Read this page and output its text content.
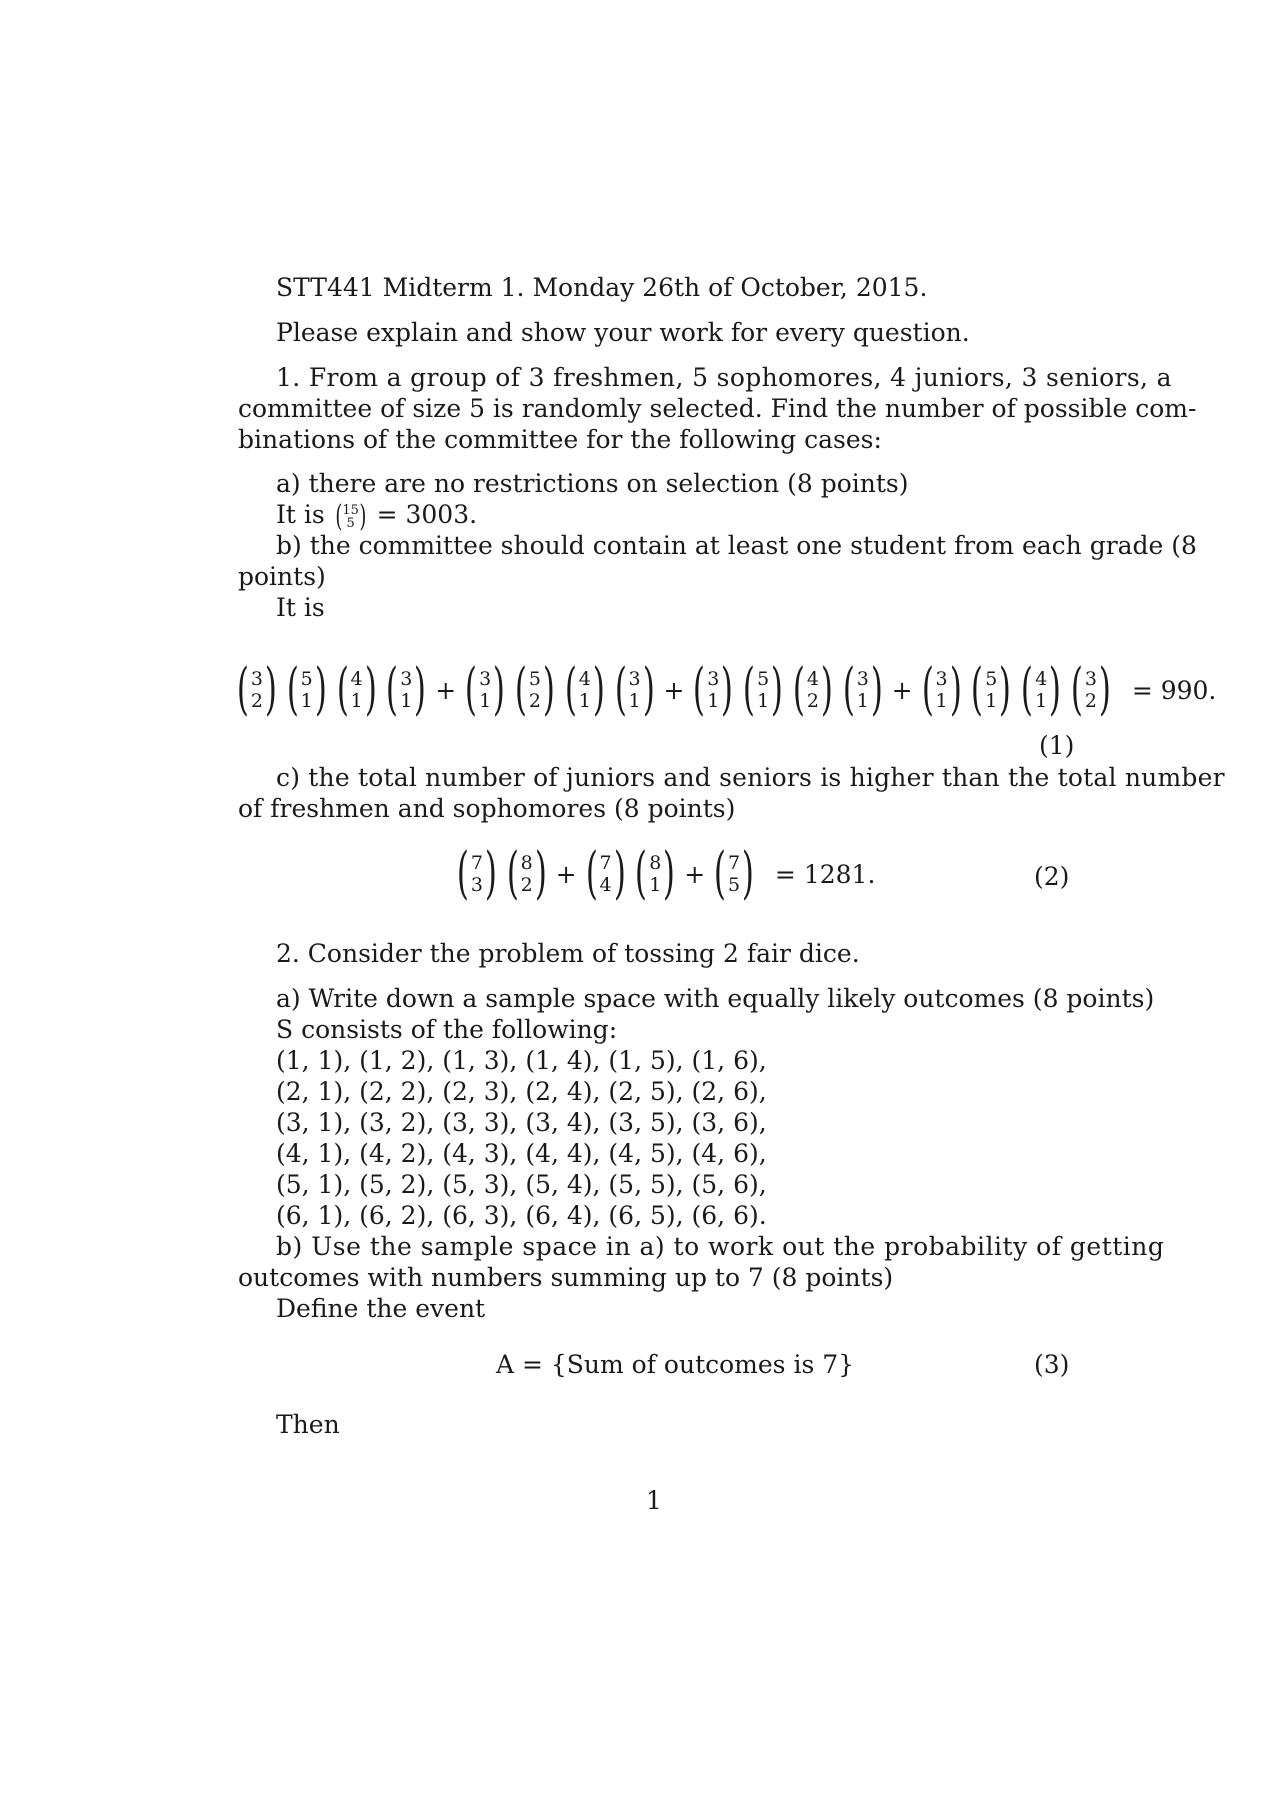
STT441 Midterm 1. Monday 26th of October, 2015.
Please explain and show your work for every question.
1. From a group of 3 freshmen, 5 sophomores, 4 juniors, 3 seniors, a
committee of size 5 is randomly selected. Find the number of possible com-
binations of the committee for the following cases:
a) there are no restrictions on selection (8 points)
It is ( 15
5 ) = 3003.
b) the committee should contain at least one student from each grade (8
points)
It is
( 3
2 ) ( 5
1 ) ( 4
1 ) ( 3
1 ) + ( 3
1 ) ( 5
2 ) ( 4
1 ) ( 3
1 ) + ( 3
1 ) ( 5
1 ) ( 4
2 ) ( 3
1 ) + ( 3
1 ) ( 5
1 ) ( 4
1 ) ( 3
2 ) = 990.
(1)
c) the total number of juniors and seniors is higher than the total number
of freshmen and sophomores (8 points)
( 7
3 ) ( 8
2 ) + ( 7
4 ) ( 8
1 ) + ( 7
5 ) = 1281.	(2)
2. Consider the problem of tossing 2 fair dice.
a) Write down a sample space with equally likely outcomes (8 points)
S consists of the following:
(1, 1), (1, 2), (1, 3), (1, 4), (1, 5), (1, 6),
(2, 1), (2, 2), (2, 3), (2, 4), (2, 5), (2, 6),
(3, 1), (3, 2), (3, 3), (3, 4), (3, 5), (3, 6),
(4, 1), (4, 2), (4, 3), (4, 4), (4, 5), (4, 6),
(5, 1), (5, 2), (5, 3), (5, 4), (5, 5), (5, 6),
(6, 1), (6, 2), (6, 3), (6, 4), (6, 5), (6, 6).
b) Use the sample space in a) to work out the probability of getting
outcomes with numbers summing up to 7 (8 points)
Define the event
A = {Sum of outcomes is 7}	(3)
Then
1
